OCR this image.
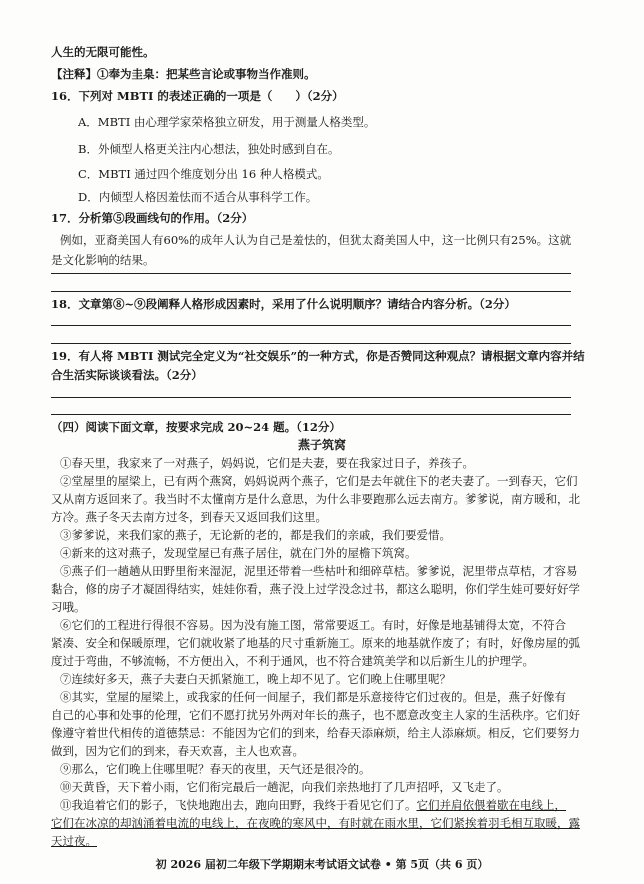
人生的无限可能性。
【注释】①奉为圭臬：把某些言论或事物当作准则。
16．下列对 MBTI 的表述正确的一项是（　　）（2分）
A．MBTI 由心理学家荣格独立研发，用于测量人格类型。
B．外倾型人格更关注内心想法，独处时感到自在。
C．MBTI 通过四个维度划分出 16 种人格模式。
D．内倾型人格因羞怯而不适合从事科学工作。
17．分析第⑤段画线句的作用。（2分）
例如，亚裔美国人有60%的成年人认为自己是羞怯的，但犹太裔美国人中，这一比例只有25%。这就
是文化影响的结果。
18．文章第⑧~⑨段阐释人格形成因素时，采用了什么说明顺序？请结合内容分析。（2分）
19．有人将 MBTI 测试完全定义为“社交娱乐”的一种方式，你是否赞同这种观点？请根据文章内容并结
合生活实际谈谈看法。（2分）
（四）阅读下面文章，按要求完成 20~24 题。（12分）
燕子筑窝
①春天里，我家来了一对燕子，妈妈说，它们是夫妻，要在我家过日子，养孩子。
②堂屋里的屋梁上，已有两个燕窝，妈妈说两个燕子，它们是去年就住下的老夫妻了。一到春天，它们
又从南方返回来了。我当时不太懂南方是什么意思，为什么非要跑那么远去南方。爹爹说，南方暖和，北
方冷。燕子冬天去南方过冬，到春天又返回我们这里。
③爹爹说，来我们家的燕子，无论新的老的，都是我们的亲戚，我们要爱惜。
④新来的这对燕子，发现堂屋已有燕子居住，就在门外的屋檐下筑窝。
⑤燕子们一趟趟从田野里衔来湿泥，泥里还带着一些枯叶和细碎草桔。爹爹说，泥里带点草桔，才容易
黏合，修的房子才凝固得结实，娃娃你看，燕子没上过学没念过书，都这么聪明，你们学生娃可要好好学
习哦。
⑥它们的工程进行得很不容易。因为没有施工图，常常要返工。有时，好像是地基铺得太宽，不符合
紧凑、安全和保暖原理，它们就收紧了地基的尺寸重新施工。原来的地基就作废了；有时，好像房屋的弧
度过于弯曲，不够流畅，不方便出入，不利于通风，也不符合建筑美学和以后新生儿的护理学。
⑦连续好多天，燕子夫妻白天抓紧施工，晚上却不见了。它们晚上住哪里呢？
⑧其实，堂屋的屋梁上，或我家的任何一间屋子，我们都是乐意接待它们过夜的。但是，燕子好像有
自己的心事和处事的伦理，它们不愿打扰另外两对年长的燕子，也不愿意改变主人家的生活秩序。它们好
像遵守着世代相传的道德禁忌：不能因为它们的到来，给春天添麻烦，给主人添麻烦。相反，它们要努力
做到，因为它们的到来，春天欢喜，主人也欢喜。
⑨那么，它们晚上住哪里呢？春天的夜里，天气还是很冷的。
⑩天黄昏，天下着小雨，它们衔完最后一趟泥，向我们亲热地打了几声招呼，又飞走了。
⑪我追着它们的影子，飞快地跑出去，跑向田野，我终于看见它们了。它们并肩依偎着歇在电线上，
它们在冰凉的却汹涌着电流的电线上，在夜晚的寒风中，有时就在雨水里，它们紧挨着羽毛相互取暖，露
天过夜。
初 2026 届初二年级下学期期末考试语文试卷 • 第 5页（共 6 页）
